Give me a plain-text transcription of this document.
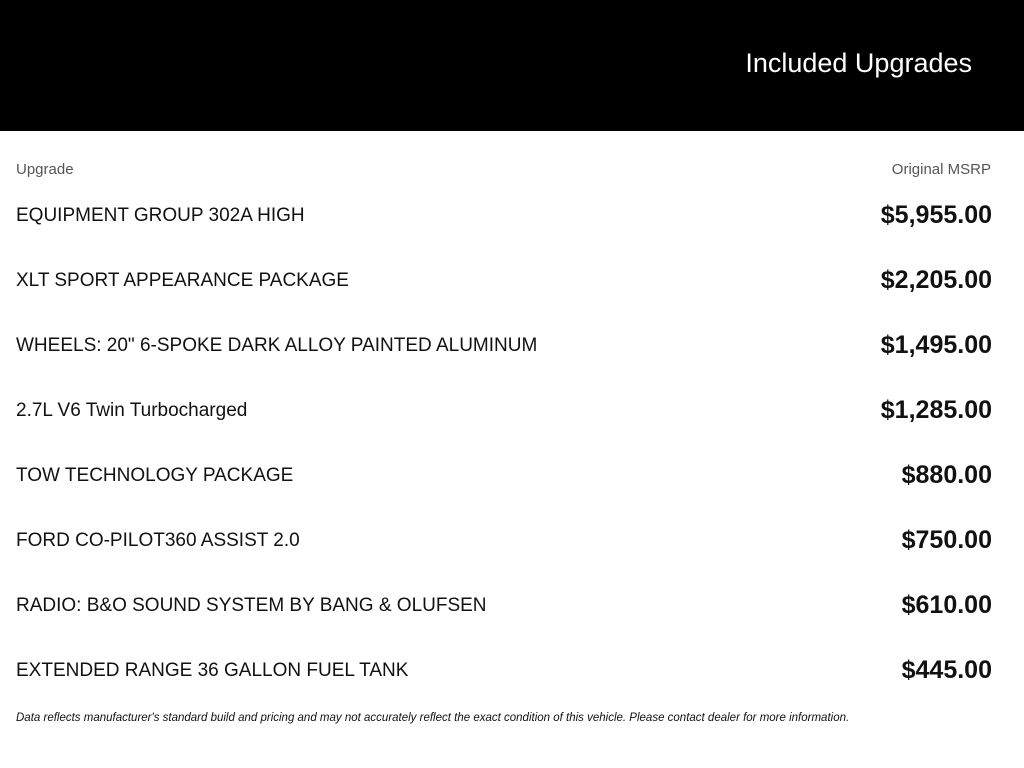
Included Upgrades
Upgrade	Original MSRP
EQUIPMENT GROUP 302A HIGH	$5,955.00
XLT SPORT APPEARANCE PACKAGE	$2,205.00
WHEELS: 20" 6-SPOKE DARK ALLOY PAINTED ALUMINUM	$1,495.00
2.7L V6 Twin Turbocharged	$1,285.00
TOW TECHNOLOGY PACKAGE	$880.00
FORD CO-PILOT360 ASSIST 2.0	$750.00
RADIO: B&O SOUND SYSTEM BY BANG & OLUFSEN	$610.00
EXTENDED RANGE 36 GALLON FUEL TANK	$445.00
Data reflects manufacturer's standard build and pricing and may not accurately reflect the exact condition of this vehicle. Please contact dealer for more information.
